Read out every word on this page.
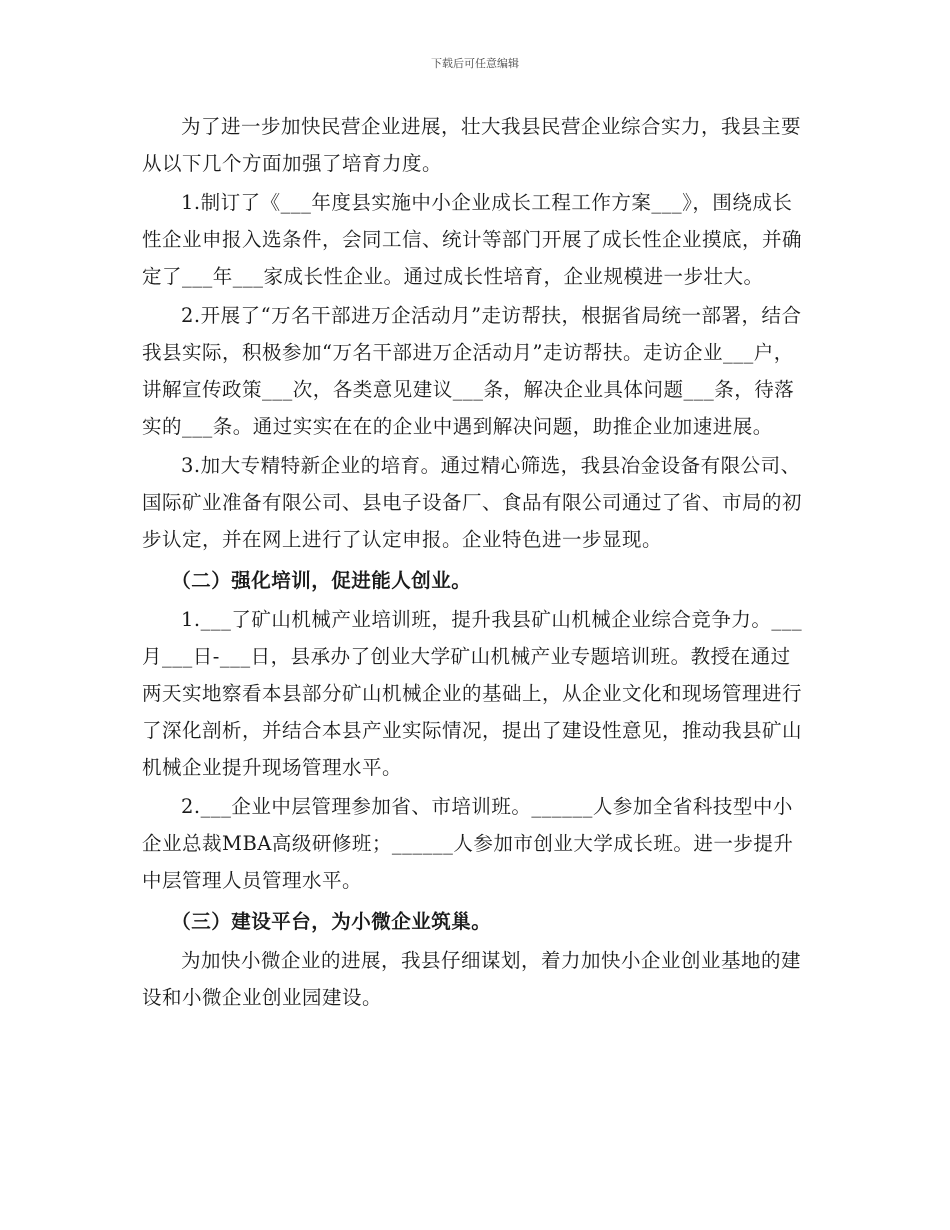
下载后可任意编辑

为了进一步加快民营企业进展，壮大我县民营企业综合实力，我县主要从以下几个方面加强了培育力度。

1.制订了《___年度县实施中小企业成长工程工作方案___》，围绕成长性企业申报入选条件，会同工信、统计等部门开展了成长性企业摸底，并确定了___年___家成长性企业。通过成长性培育，企业规模进一步壮大。

2.开展了“万名干部进万企活动月”走访帮扶，根据省局统一部署，结合我县实际，积极参加“万名干部进万企活动月”走访帮扶。走访企业___户，讲解宣传政策___次，各类意见建议___条，解决企业具体问题___条，待落实的___条。通过实实在在的企业中遇到解决问题，助推企业加速进展。

3.加大专精特新企业的培育。通过精心筛选，我县冶金设备有限公司、国际矿业准备有限公司、县电子设备厂、食品有限公司通过了省、市局的初步认定，并在网上进行了认定申报。企业特色进一步显现。

（二）强化培训，促进能人创业。

1.___了矿山机械产业培训班，提升我县矿山机械企业综合竞争力。___月___日-___日，县承办了创业大学矿山机械产业专题培训班。教授在通过两天实地察看本县部分矿山机械企业的基础上，从企业文化和现场管理进行了深化剖析，并结合本县产业实际情况，提出了建设性意见，推动我县矿山机械企业提升现场管理水平。

2.___企业中层管理参加省、市培训班。______人参加全省科技型中小企业总裁MBA高级研修班；______人参加市创业大学成长班。进一步提升中层管理人员管理水平。

（三）建设平台，为小微企业筑巢。

为加快小微企业的进展，我县仔细谋划，着力加快小企业创业基地的建设和小微企业创业园建设。
